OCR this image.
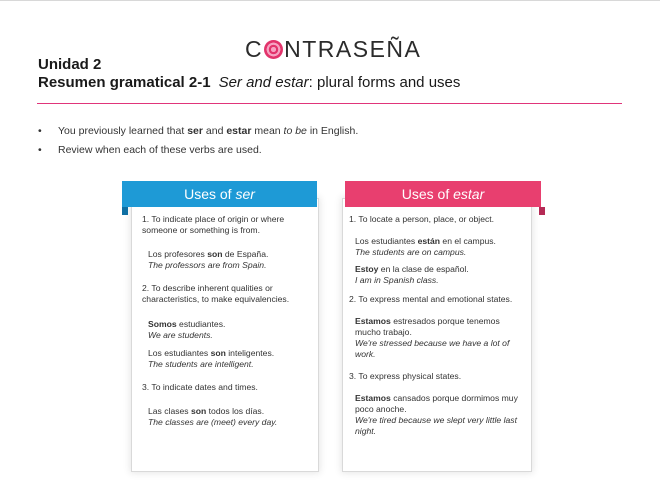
C NTRASEÑA
Unidad 2
Resumen gramatical 2-1 Ser and estar: plural forms and uses
• You previously learned that ser and estar mean to be in English.
• Review when each of these verbs are used.
Uses of ser
1. To indicate place of origin or where someone or something is from.
Los profesores son de España.
The professors are from Spain.
2. To describe inherent qualities or characteristics, to make equivalencies.
Somos estudiantes.
We are students.
Los estudiantes son inteligentes.
The students are intelligent.
3. To indicate dates and times.
Las clases son todos los días.
The classes are (meet) every day.
Uses of estar
1. To locate a person, place, or object.
Los estudiantes están en el campus.
The students are on campus.
Estoy en la clase de español.
I am in Spanish class.
2. To express mental and emotional states.
Estamos estresados porque tenemos mucho trabajo.
We're stressed because we have a lot of work.
3. To express physical states.
Estamos cansados porque dormimos muy poco anoche.
We're tired because we slept very little last night.
